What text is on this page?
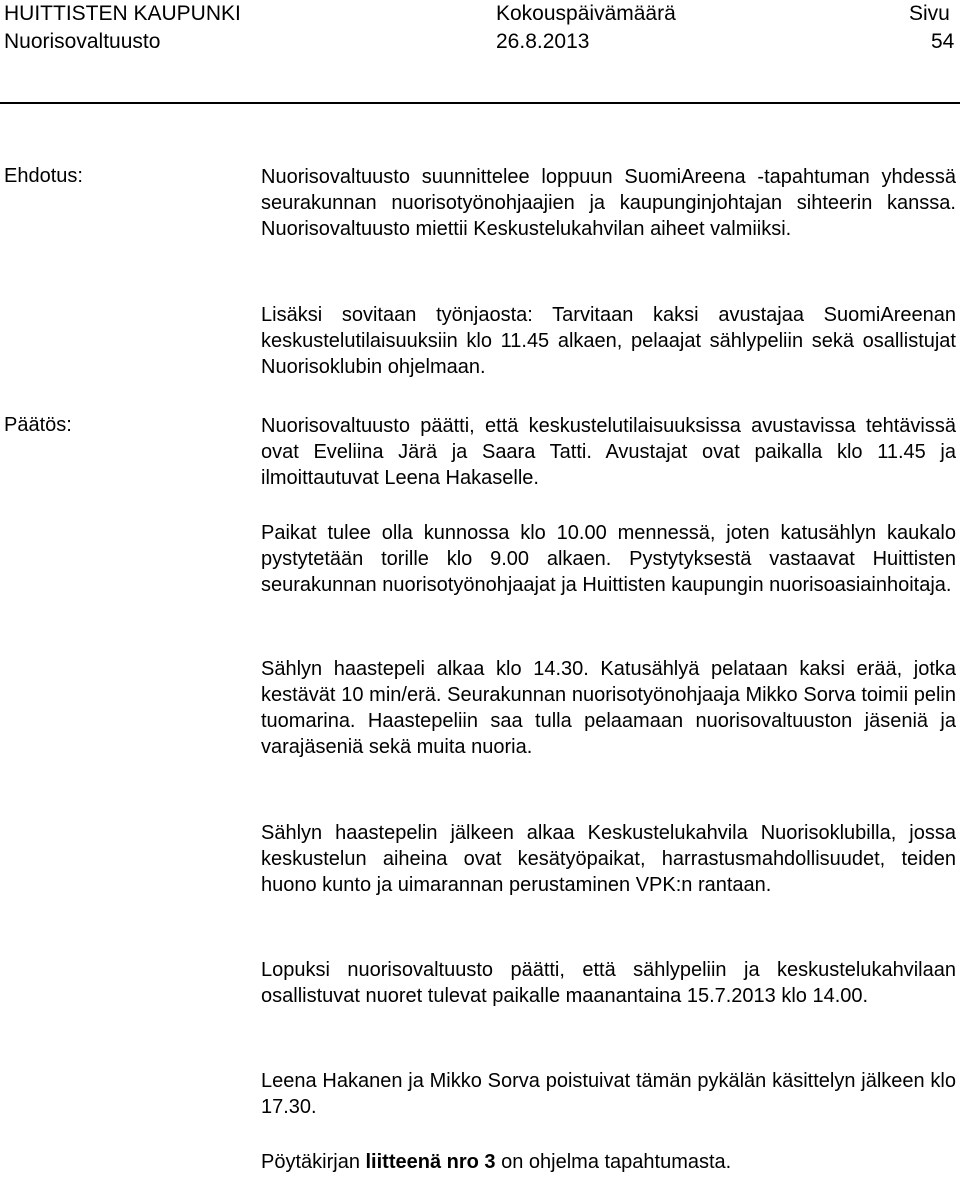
HUITTISTEN KAUPUNKI
Nuorisovaltuusto
Kokouspäivämäärä
26.8.2013
Sivu
54
Ehdotus:
Päätös:
Nuorisovaltuusto suunnittelee loppuun SuomiAreena -tapahtuman yhdessä seurakunnan nuorisotyönohjaajien ja kaupunginjohtajan sihteerin kanssa. Nuorisovaltuusto miettii Keskustelukahvilan aiheet valmiiksi.
Lisäksi sovitaan työnjaosta: Tarvitaan kaksi avustajaa SuomiAreenan keskustelutilaisuuksiin klo 11.45 alkaen, pelaajat sählypeliin sekä osallistujat Nuorisoklubin ohjelmaan.
Nuorisovaltuusto päätti, että keskustelutilaisuuksissa avustavissa tehtävissä ovat Eveliina Järä ja Saara Tatti. Avustajat ovat paikalla klo 11.45 ja ilmoittautuvat Leena Hakaselle.
Paikat tulee olla kunnossa klo 10.00 mennessä, joten katusählyn kaukalo pystytetään torille klo 9.00 alkaen. Pystytyksestä vastaavat Huittisten seurakunnan nuorisotyönohjaajat ja Huittisten kaupungin nuorisoasiainhoitaja.
Sählyn haastepeli alkaa klo 14.30. Katusählyä pelataan kaksi erää, jotka kestävät 10 min/erä. Seurakunnan nuorisotyönohjaaja Mikko Sorva toimii pelin tuomarina. Haastepeliin saa tulla pelaamaan nuorisovaltuuston jäseniä ja varajäseniä sekä muita nuoria.
Sählyn haastepelin jälkeen alkaa Keskustelukahvila Nuorisoklubilla, jossa keskustelun aiheina ovat kesätyöpaikat, harrastusmahdollisuudet, teiden huono kunto ja uimarannan perustaminen VPK:n rantaan.
Lopuksi nuorisovaltuusto päätti, että sählypeliin ja keskustelukahvilaan osallistuvat nuoret tulevat paikalle maanantaina 15.7.2013 klo 14.00.
Leena Hakanen ja Mikko Sorva poistuivat tämän pykälän käsittelyn jälkeen klo 17.30.
Pöytäkirjan liitteenä nro 3 on ohjelma tapahtumasta.
